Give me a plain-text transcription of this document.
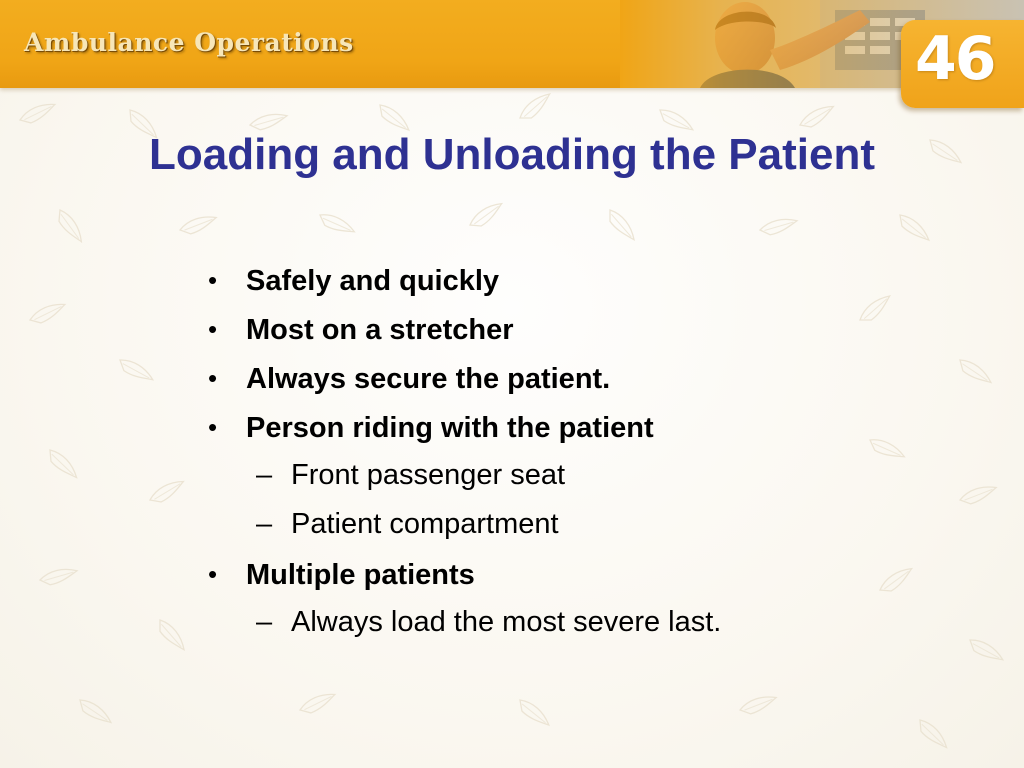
Ambulance Operations	46
Loading and Unloading the Patient
• Safely and quickly
• Most on a stretcher
• Always secure the patient.
• Person riding with the patient
– Front passenger seat
– Patient compartment
• Multiple patients
– Always load the most severe last.
